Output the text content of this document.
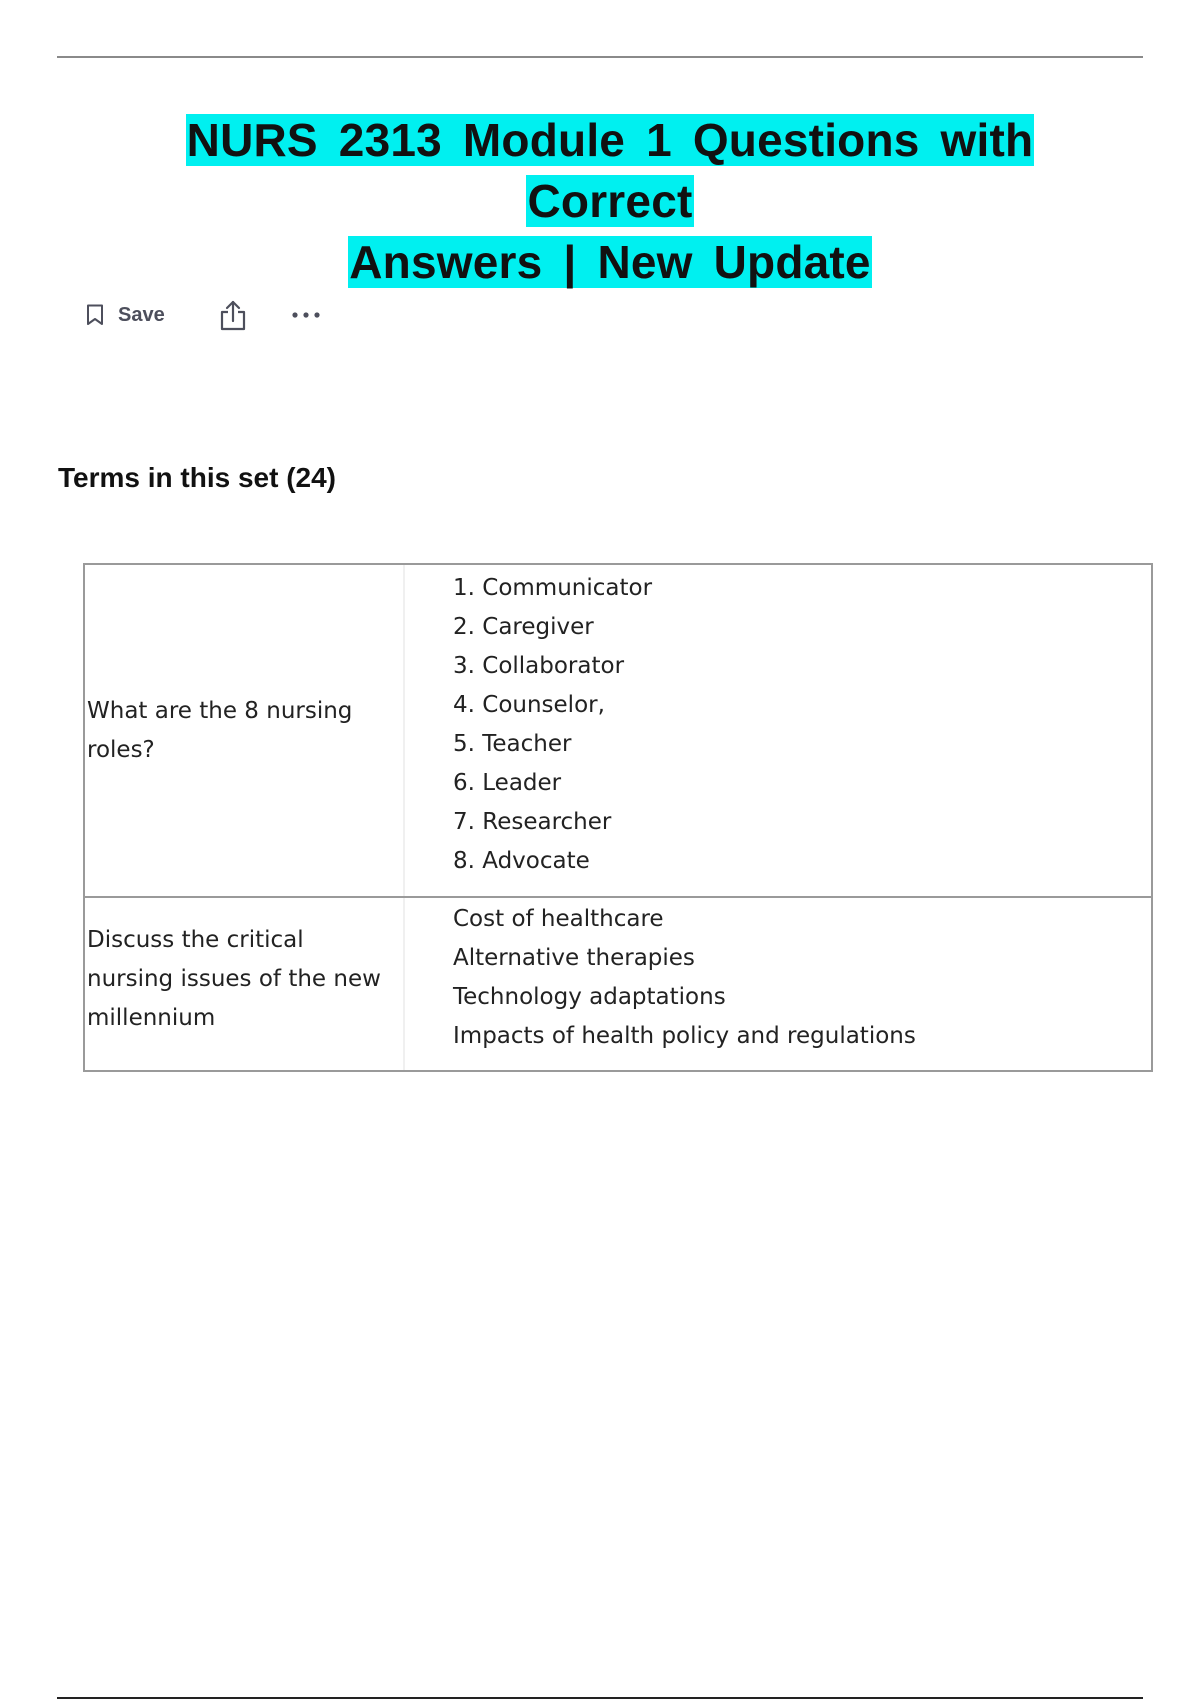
NURS 2313 Module 1 Questions with Correct
Answers | New Update
Save
Terms in this set (24)
What are the 8 nursing roles?
1. Communicator
2. Caregiver
3. Collaborator
4. Counselor,
5. Teacher
6. Leader
7. Researcher
8. Advocate
Discuss the critical nursing issues of the new millennium
Cost of healthcare
Alternative therapies
Technology adaptations
Impacts of health policy and regulations
